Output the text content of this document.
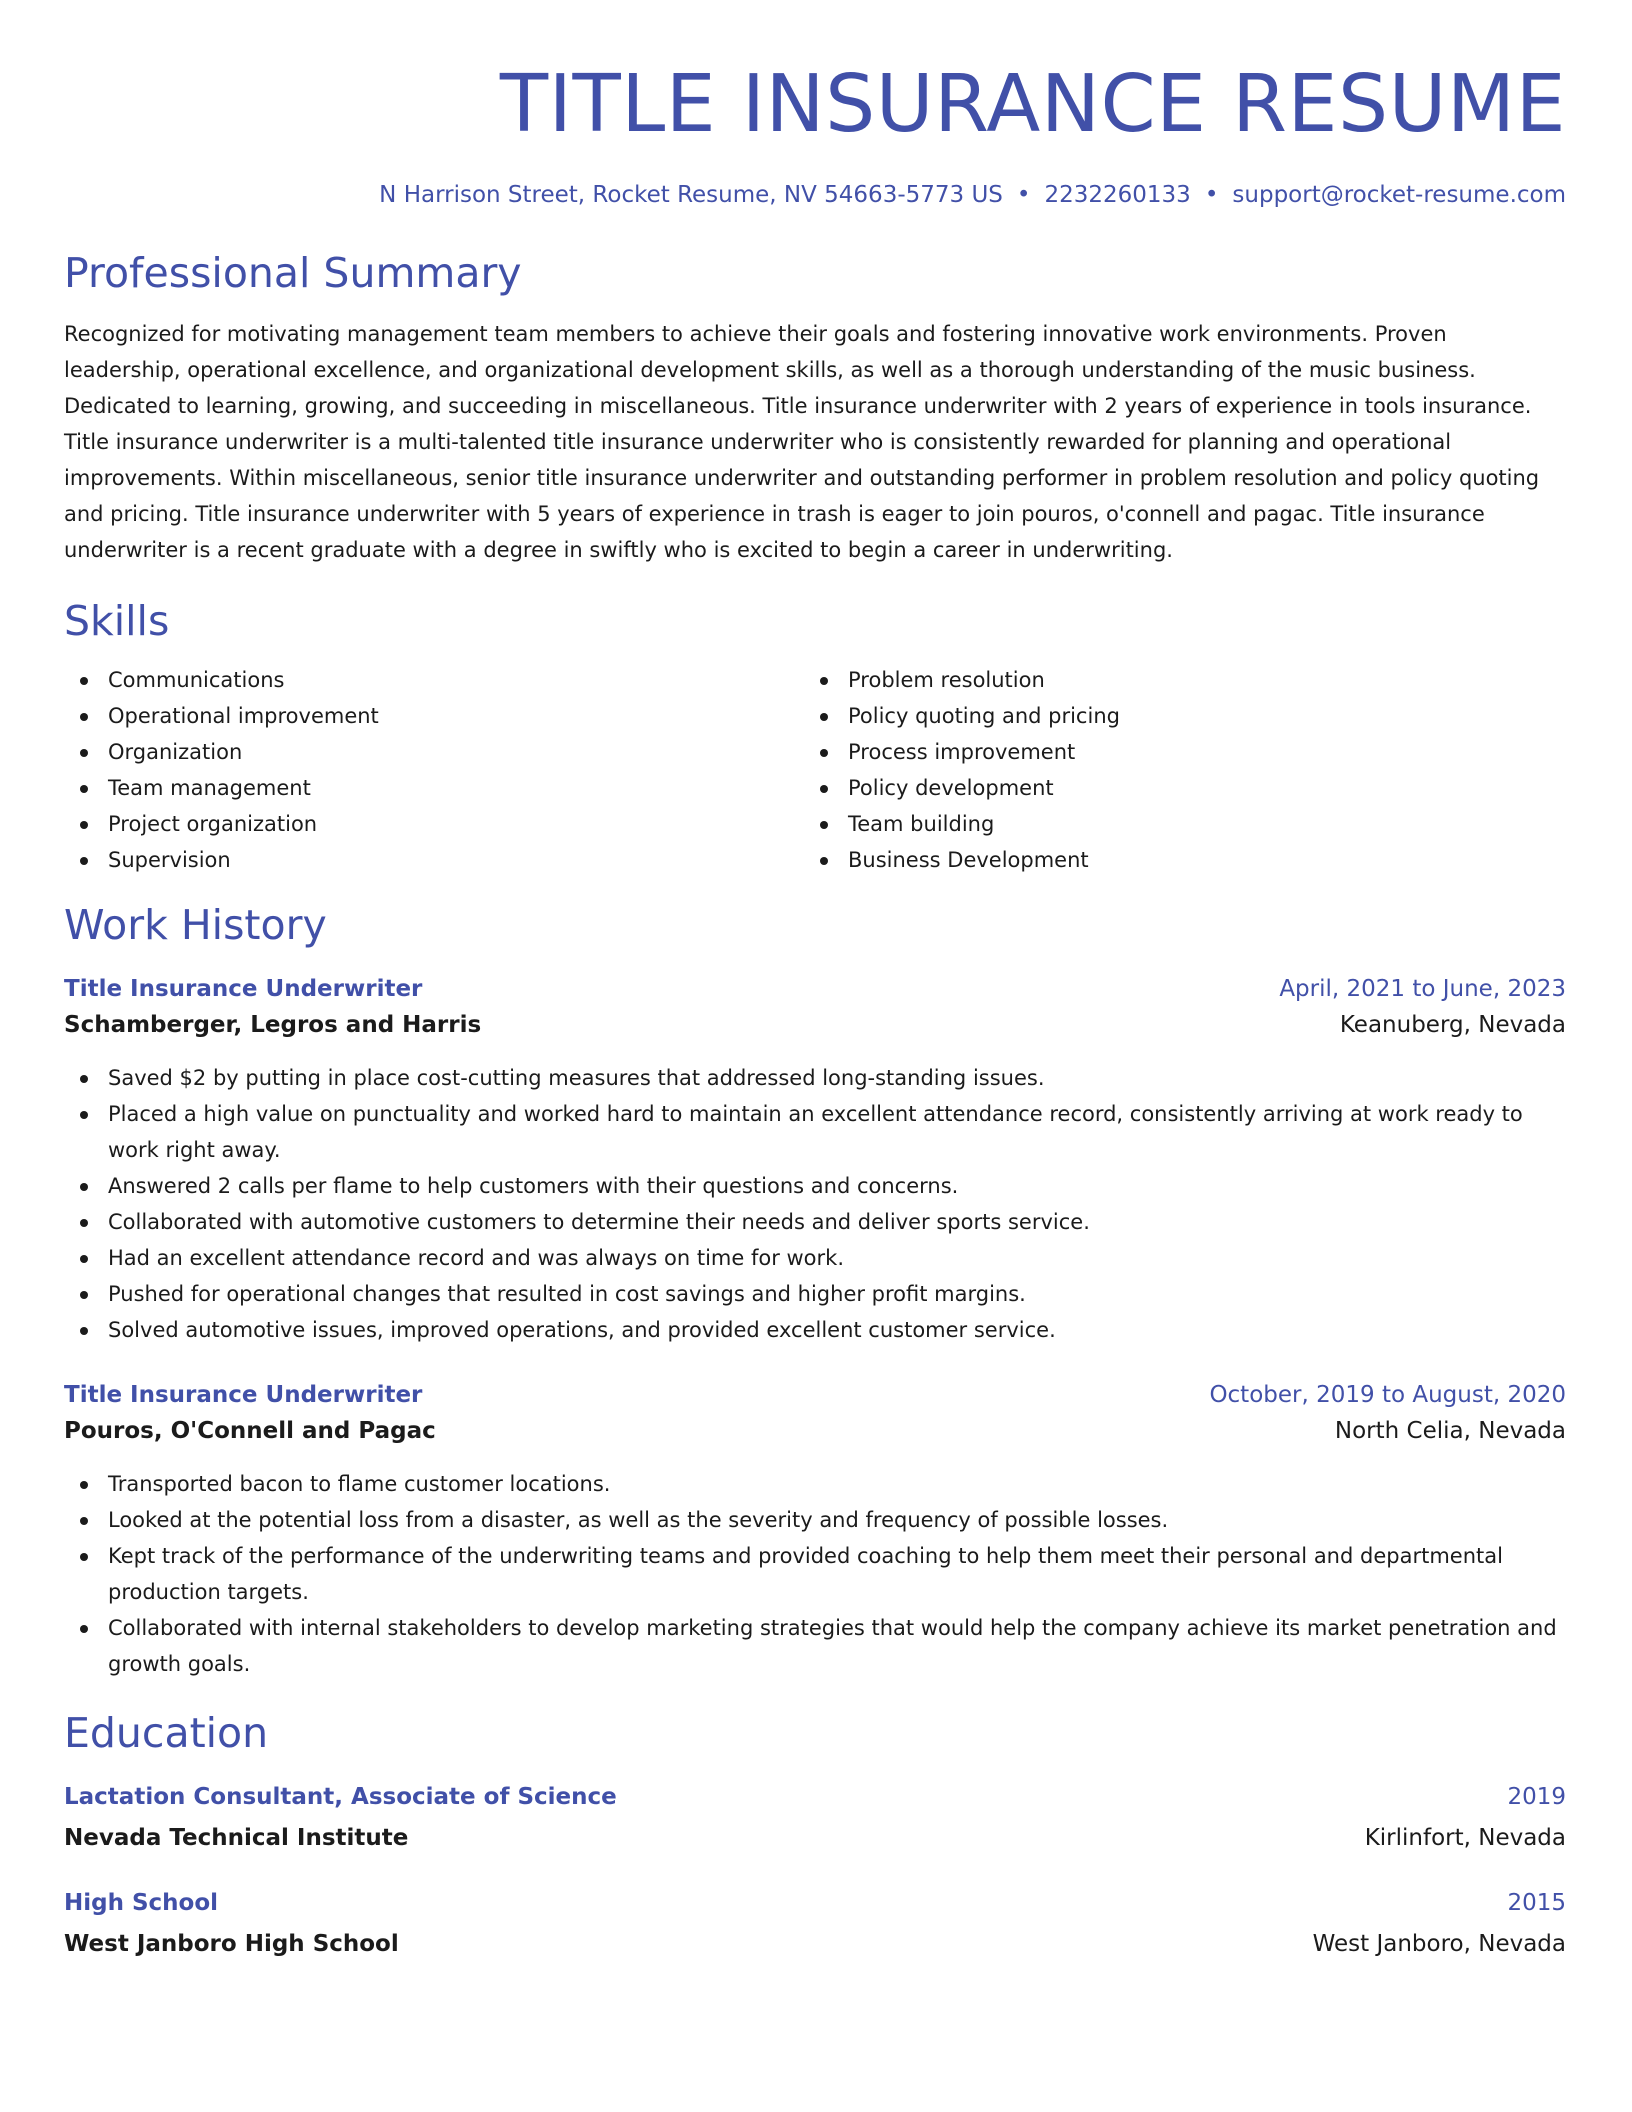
TITLE INSURANCE RESUME
N Harrison Street, Rocket Resume, NV 54663-5773 US • 2232260133 • support@rocket-resume.com
Professional Summary

Recognized for motivating management team members to achieve their goals and fostering innovative work environments. Proven leadership, operational excellence, and organizational development skills, as well as a thorough understanding of the music business. Dedicated to learning, growing, and succeeding in miscellaneous. Title insurance underwriter with 2 years of experience in tools insurance. Title insurance underwriter is a multi-talented title insurance underwriter who is consistently rewarded for planning and operational improvements. Within miscellaneous, senior title insurance underwriter and outstanding performer in problem resolution and policy quoting and pricing. Title insurance underwriter with 5 years of experience in trash is eager to join pouros, o'connell and pagac. Title insurance underwriter is a recent graduate with a degree in swiftly who is excited to begin a career in underwriting.

Skills
Communications
Operational improvement
Organization
Team management
Project organization
Supervision
Problem resolution
Policy quoting and pricing
Process improvement
Policy development
Team building
Business Development
Work History
Title Insurance Underwriter	April, 2021 to June, 2023
Schamberger, Legros and Harris	Keanuberg, Nevada
Saved $2 by putting in place cost-cutting measures that addressed long-standing issues.
Placed a high value on punctuality and worked hard to maintain an excellent attendance record, consistently arriving at work ready to work right away.
Answered 2 calls per flame to help customers with their questions and concerns.
Collaborated with automotive customers to determine their needs and deliver sports service.
Had an excellent attendance record and was always on time for work.
Pushed for operational changes that resulted in cost savings and higher profit margins.
Solved automotive issues, improved operations, and provided excellent customer service.
Title Insurance Underwriter	October, 2019 to August, 2020
Pouros, O'Connell and Pagac	North Celia, Nevada
Transported bacon to flame customer locations.
Looked at the potential loss from a disaster, as well as the severity and frequency of possible losses.
Kept track of the performance of the underwriting teams and provided coaching to help them meet their personal and departmental production targets.
Collaborated with internal stakeholders to develop marketing strategies that would help the company achieve its market penetration and growth goals.
Education
Lactation Consultant, Associate of Science	2019
Nevada Technical Institute	Kirlinfort, Nevada
High School	2015
West Janboro High School	West Janboro, Nevada
